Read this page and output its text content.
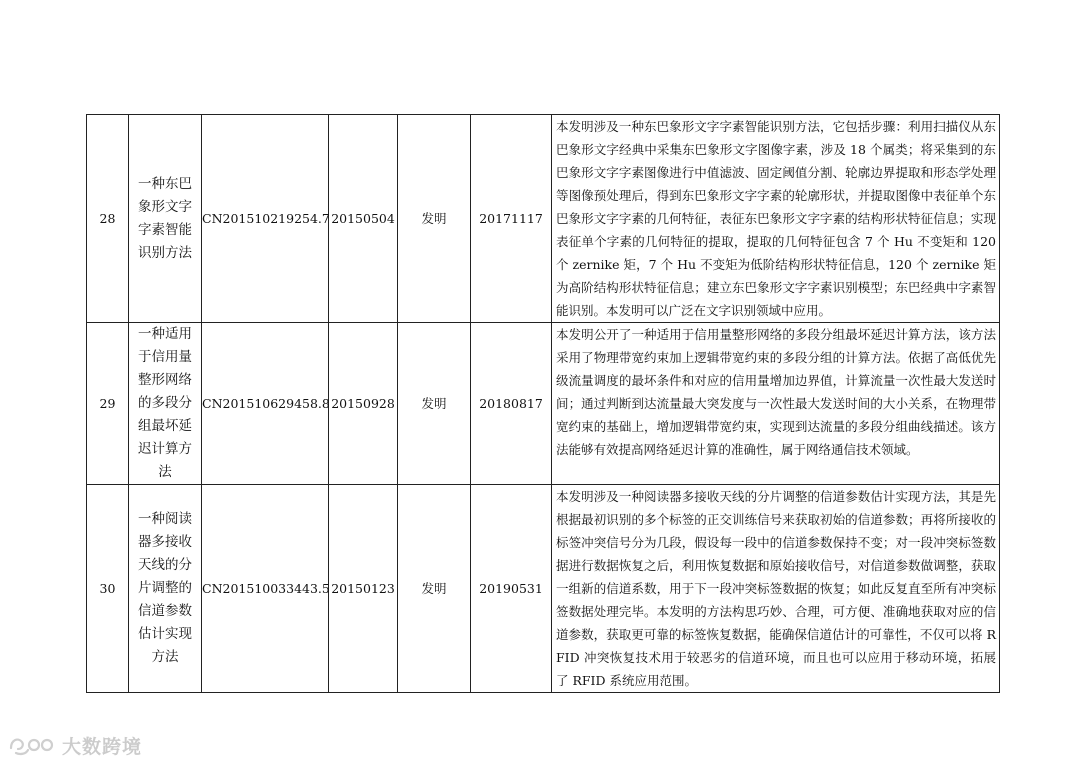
28	一种东巴象形文字字素智能识别方法	CN201510219254.7	20150504	发明	20171117	本发明涉及一种东巴象形文字字素智能识别方法，它包括步骤：利用扫描仪从东巴象形文字经典中采集东巴象形文字图像字素，涉及 18 个属类；将采集到的东巴象形文字字素图像进行中值滤波、固定阈值分割、轮廓边界提取和形态学处理等图像预处理后，得到东巴象形文字字素的轮廓形状，并提取图像中表征单个东巴象形文字字素的几何特征，表征东巴象形文字字素的结构形状特征信息；实现表征单个字素的几何特征的提取，提取的几何特征包含 7 个 Hu 不变矩和 120 个 zernike 矩，7 个 Hu 不变矩为低阶结构形状特征信息，120 个 zernike 矩为高阶结构形状特征信息；建立东巴象形文字字素识别模型；东巴经典中字素智能识别。本发明可以广泛在文字识别领域中应用。
29	一种适用于信用量整形网络的多段分组最坏延迟计算方法	CN201510629458.8	20150928	发明	20180817	本发明公开了一种适用于信用量整形网络的多段分组最坏延迟计算方法，该方法采用了物理带宽约束加上逻辑带宽约束的多段分组的计算方法。依据了高低优先级流量调度的最坏条件和对应的信用量增加边界值，计算流量一次性最大发送时间；通过判断到达流量最大突发度与一次性最大发送时间的大小关系，在物理带宽约束的基础上，增加逻辑带宽约束，实现到达流量的多段分组曲线描述。该方法能够有效提高网络延迟计算的准确性，属于网络通信技术领域。
30	一种阅读器多接收天线的分片调整的信道参数估计实现方法	CN201510033443.5	20150123	发明	20190531	本发明涉及一种阅读器多接收天线的分片调整的信道参数估计实现方法，其是先根据最初识别的多个标签的正交训练信号来获取初始的信道参数；再将所接收的标签冲突信号分为几段，假设每一段中的信道参数保持不变；对一段冲突标签数据进行数据恢复之后，利用恢复数据和原始接收信号，对信道参数做调整，获取一组新的信道系数，用于下一段冲突标签数据的恢复；如此反复直至所有冲突标签数据处理完毕。本发明的方法构思巧妙、合理，可方便、准确地获取对应的信道参数，获取更可靠的标签恢复数据，能确保信道估计的可靠性，不仅可以将 RFID 冲突恢复技术用于较恶劣的信道环境，而且也可以应用于移动环境，拓展了 RFID 系统应用范围。
大数跨境
